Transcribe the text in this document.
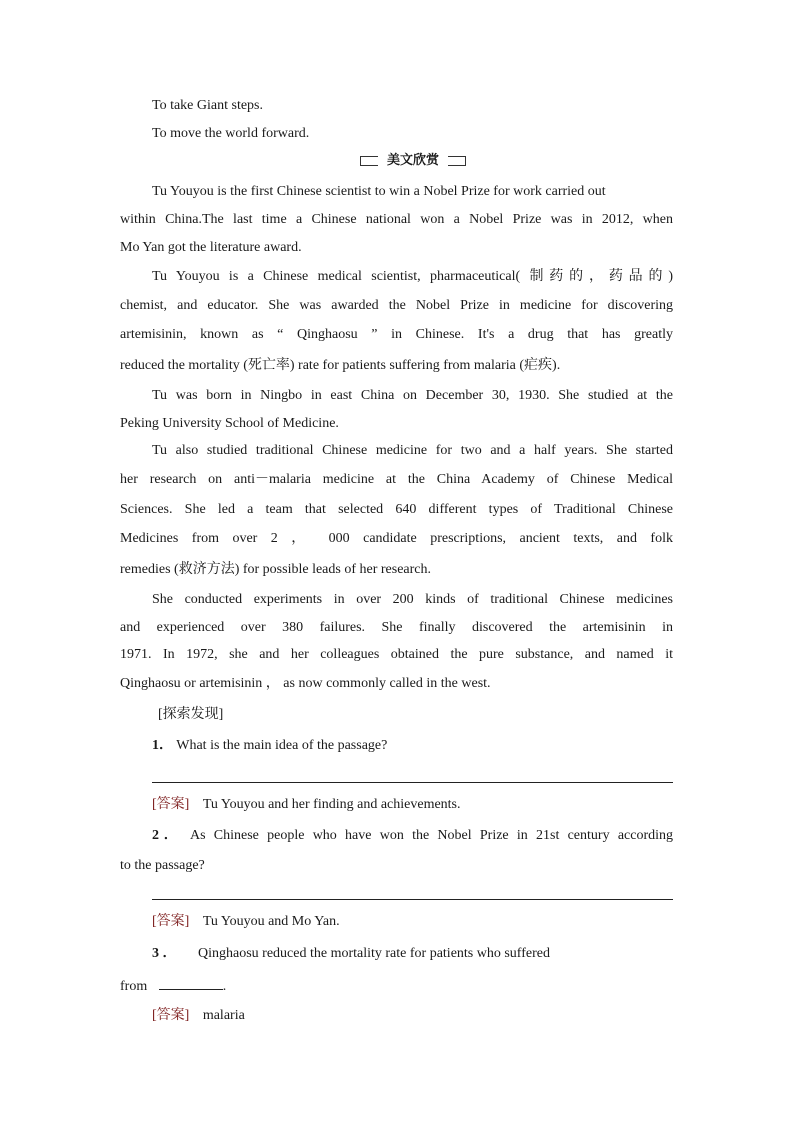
To take Giant steps.
To move the world forward.
美文欣赏
Tu Youyou is the first Chinese scientist to win a Nobel Prize for work carried out
within China.The last time a Chinese national won a Nobel Prize was in 2012, when
Mo Yan got the literature award.
Tu Youyou is a Chinese medical scientist, pharmaceutical( 制药的，药品的)
chemist, and educator. She was awarded the Nobel Prize in medicine for discovering
artemisinin, known as “ Qinghaosu ” in Chinese. It's a drug that has greatly
reduced the mortality (死亡率) rate for patients suffering from malaria (疟疾).
Tu was born in Ningbo in east China on December 30, 1930. She studied at the
Peking University School of Medicine.
Tu also studied traditional Chinese medicine for two and a half years. She started
her research on anti－malaria medicine at the China Academy of Chinese Medical
Sciences. She led a team that selected 640 different types of Traditional Chinese
Medicines from over 2 ， 000 candidate prescriptions, ancient texts, and folk
remedies (救济方法) for possible leads of her research.
She conducted experiments in over 200 kinds of traditional Chinese medicines
and experienced over 380 failures. She finally discovered the artemisinin in
1971. In 1972, she and her colleagues obtained the pure substance, and named it
Qinghaosu or artemisinin ， as now commonly called in the west.
[探索发现]
1． What is the main idea of the passage?
[答案] Tu Youyou and her finding and achievements.
2． As Chinese people who have won the Nobel Prize in 21st century according
to the passage?
[答案] Tu Youyou and Mo Yan.
3 ． Qinghaosu reduced the mortality rate for patients who suffered
from	.
[答案] malaria
